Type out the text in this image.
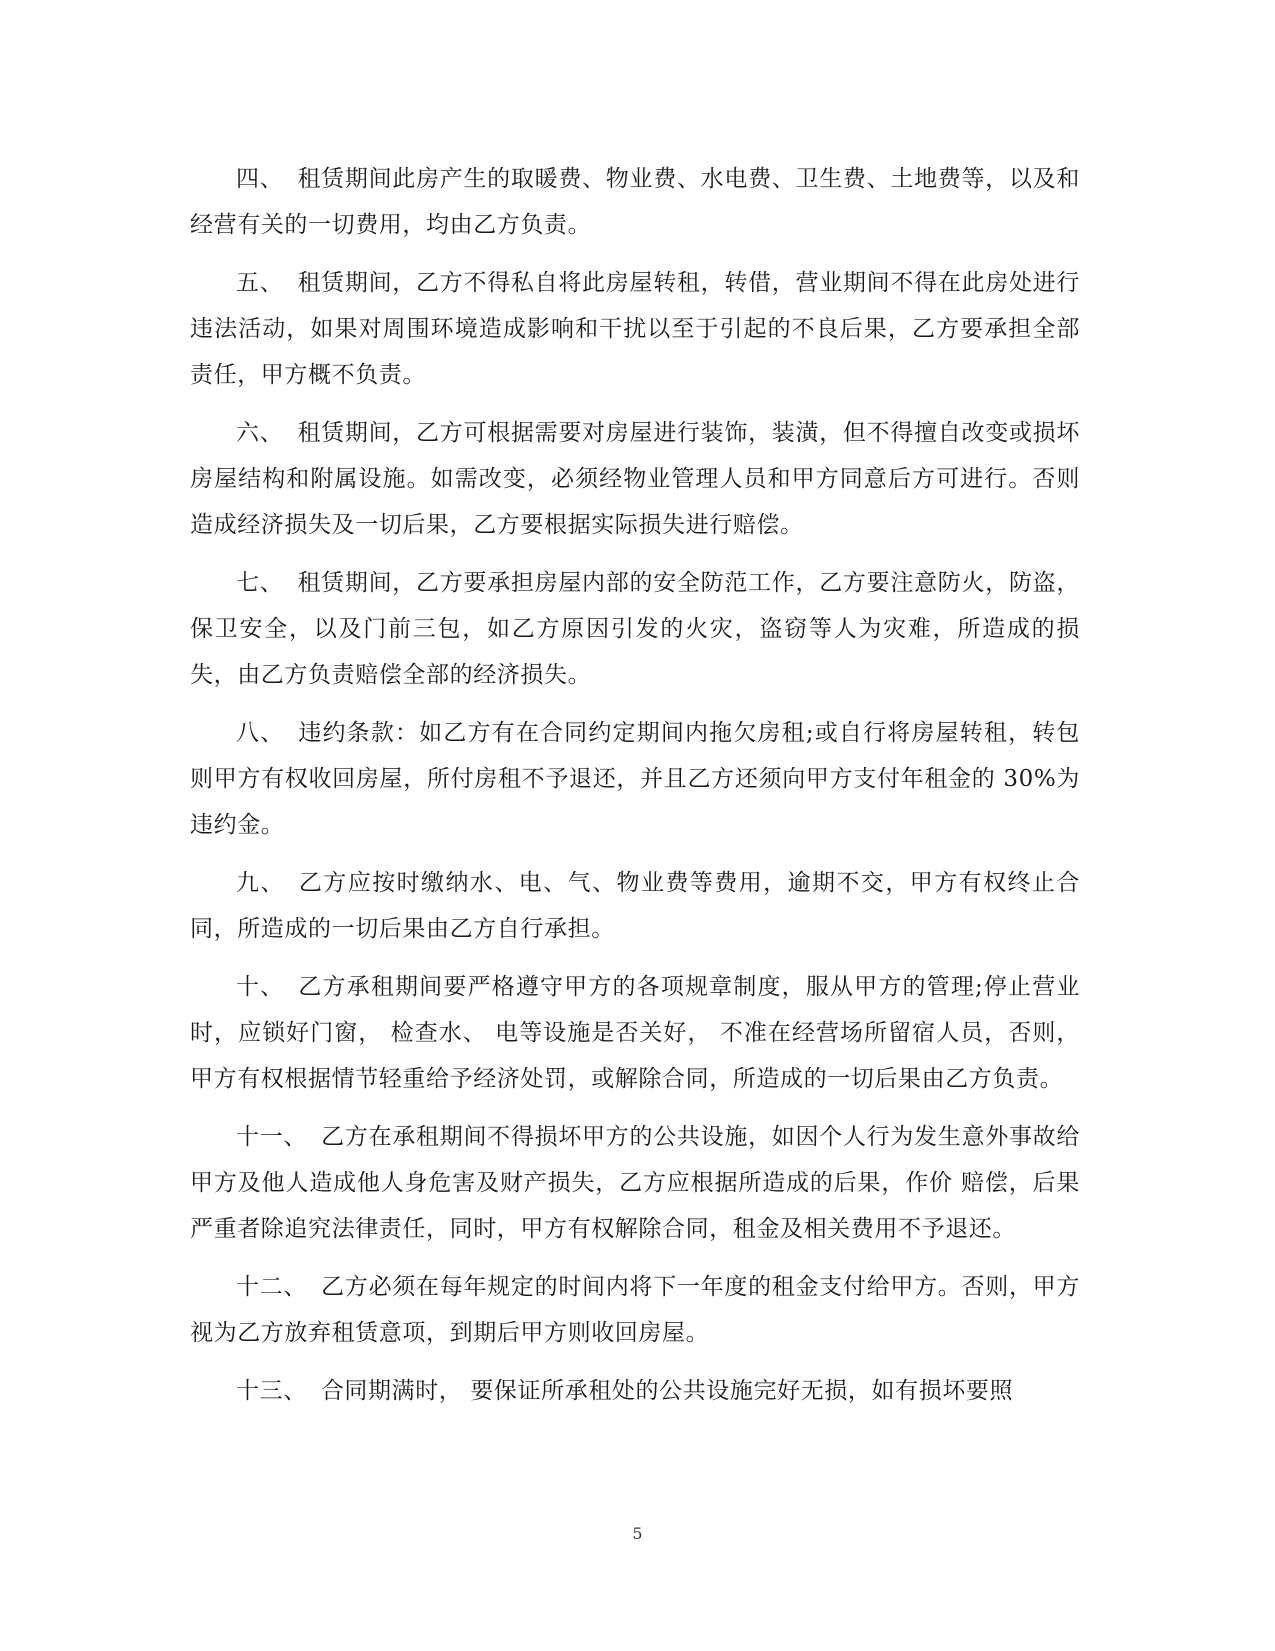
四、 租赁期间此房产生的取暖费、物业费、水电费、卫生费、土地费等，以及和经营有关的一切费用，均由乙方负责。

五、 租赁期间，乙方不得私自将此房屋转租，转借，营业期间不得在此房处进行违法活动，如果对周围环境造成影响和干扰以至于引起的不良后果，乙方要承担全部责任，甲方概不负责。

六、 租赁期间，乙方可根据需要对房屋进行装饰，装潢，但不得擅自改变或损坏房屋结构和附属设施。如需改变，必须经物业管理人员和甲方同意后方可进行。否则造成经济损失及一切后果，乙方要根据实际损失进行赔偿。

七、 租赁期间，乙方要承担房屋内部的安全防范工作，乙方要注意防火，防盗，保卫安全，以及门前三包，如乙方原因引发的火灾，盗窃等人为灾难，所造成的损失，由乙方负责赔偿全部的经济损失。

八、 违约条款：如乙方有在合同约定期间内拖欠房租;或自行将房屋转租，转包则甲方有权收回房屋，所付房租不予退还，并且乙方还须向甲方支付年租金的 30%为违约金。

九、 乙方应按时缴纳水、电、气、物业费等费用，逾期不交，甲方有权终止合同，所造成的一切后果由乙方自行承担。

十、 乙方承租期间要严格遵守甲方的各项规章制度，服从甲方的管理;停止营业时，应锁好门窗， 检查水、 电等设施是否关好， 不准在经营场所留宿人员，否则，甲方有权根据情节轻重给予经济处罚，或解除合同，所造成的一切后果由乙方负责。

十一、 乙方在承租期间不得损坏甲方的公共设施，如因个人行为发生意外事故给甲方及他人造成他人身危害及财产损失，乙方应根据所造成的后果，作价 赔偿，后果严重者除追究法律责任，同时，甲方有权解除合同，租金及相关费用不予退还。

十二、 乙方必须在每年规定的时间内将下一年度的租金支付给甲方。否则，甲方视为乙方放弃租赁意项，到期后甲方则收回房屋。

十三、 合同期满时， 要保证所承租处的公共设施完好无损，如有损坏要照

5
